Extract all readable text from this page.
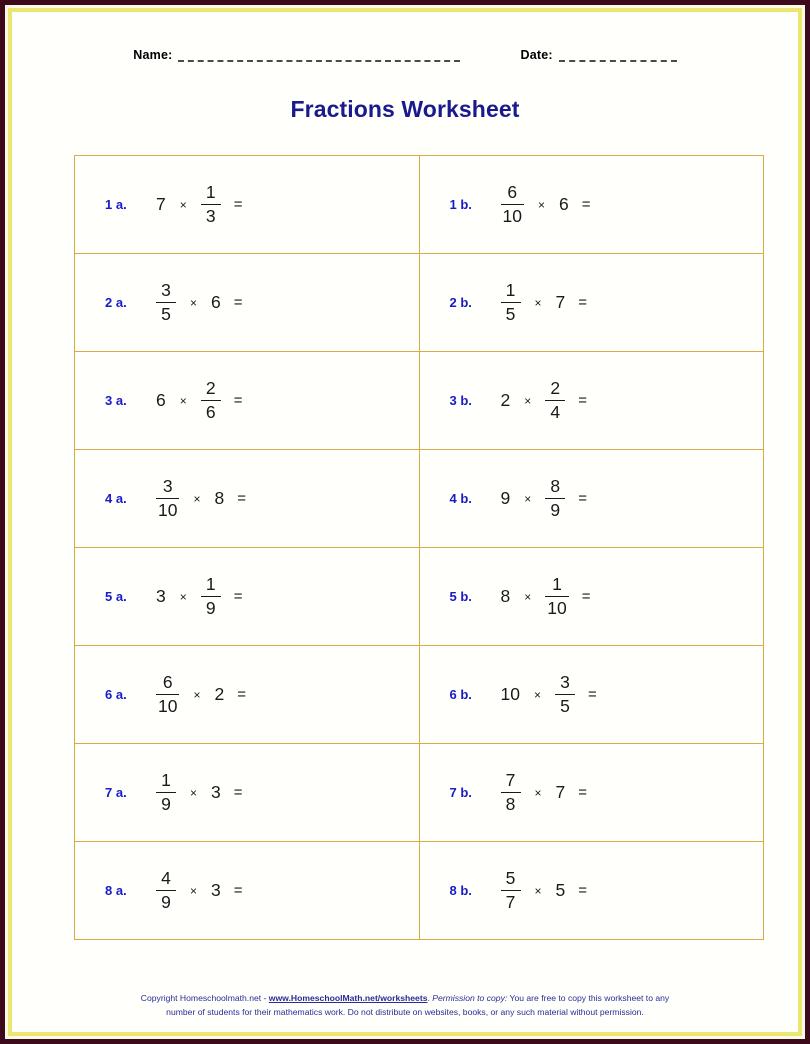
Name:	Date:
Fractions Worksheet
1 a.	7	× $\frac{1}{3}$ =	1 b.	$\frac{6}{10} \times 6$ =

2 a.	$\frac{3}{5} \times 6$ =	2 b.	$\frac{1}{5} \times 7$ =

3 a.	6	× $\frac{2}{6}$ =	3 b.	2	× $\frac{2}{4}$ =

4 a.	$\frac{3}{10} \times 8$ =	4 b.	9	× $\frac{8}{9}$ =

5 a.	3	× $\frac{1}{9}$ =	5 b.	8	× $\frac{1}{10}$ =

6 a.	$\frac{6}{10} \times 2$ =	6 b.	10	× $\frac{3}{5}$ =

7 a.	$\frac{1}{9} \times 3$ =	7 b.	$\frac{7}{8} \times 7$ =

8 a.	$\frac{4}{9} \times 3$ =	8 b.	$\frac{5}{7} \times 5$ =
Copyright Homeschoolmath.net - www.HomeschoolMath.net/worksheets. Permission to copy: You are free to copy this worksheet to any
number of students for their mathematics work. Do not distribute on websites, books, or any such material without permission.
